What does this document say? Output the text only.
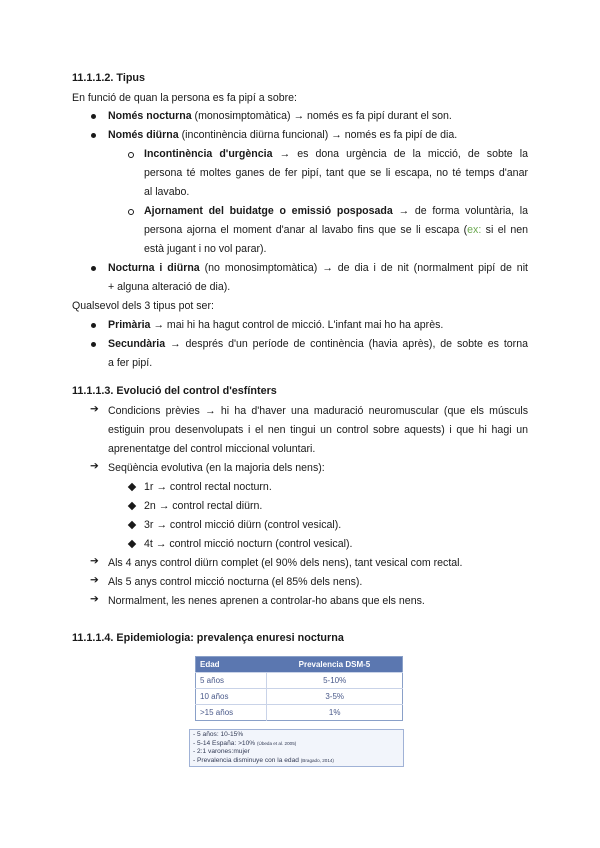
11.1.1.2. Tipus
En funció de quan la persona es fa pipí a sobre:
Només nocturna (monosimptomàtica) → només es fa pipí durant el son.
Només diürna (incontinència diürna funcional) → només es fa pipí de dia.
Incontinència d'urgència → es dona urgència de la micció, de sobte la
persona té moltes ganes de fer pipí, tant que se li escapa, no té temps d'anar
al lavabo.
Ajornament del buidatge o emissió posposada → de forma voluntària, la
persona ajorna el moment d'anar al lavabo fins que se li escapa (ex: si el nen
està jugant i no vol parar).
Nocturna i diürna (no monosimptomàtica) → de dia i de nit (normalment pipí de nit
+ alguna alteració de dia).
Qualsevol dels 3 tipus pot ser:
Primària → mai hi ha hagut control de micció. L'infant mai ho ha après.
Secundària → després d'un període de continència (havia après), de sobte es torna
a fer pipí.
11.1.1.3. Evolució del control d'esfínters
➔ Condicions prèvies → hi ha d'haver una maduració neuromuscular (que els músculs
estiguin prou desenvolupats i el nen tingui un control sobre aquests) i que hi hagi un
aprenentatge del control miccional voluntari.
➔ Seqüència evolutiva (en la majoria dels nens):
1r → control rectal nocturn.
2n → control rectal diürn.
3r → control micció diürn (control vesical).
4t → control micció nocturn (control vesical).
➔ Als 4 anys control diürn complet (el 90% dels nens), tant vesical com rectal.
➔ Als 5 anys control micció nocturna (el 85% dels nens).
➔ Normalment, les nenes aprenen a controlar-ho abans que els nens.
11.1.1.4. Epidemiologia: prevalença enuresi nocturna
Edad	Prevalencia DSM-5
5 años	5-10%
10 años	3-5%
>15 años	1%
- 5 años: 10-15%
- 5-14 España: >10% (Úbeda et al. 2005)
- 2:1 varones:mujer
- Prevalencia disminuye con la edad (Bragado, 2014)
